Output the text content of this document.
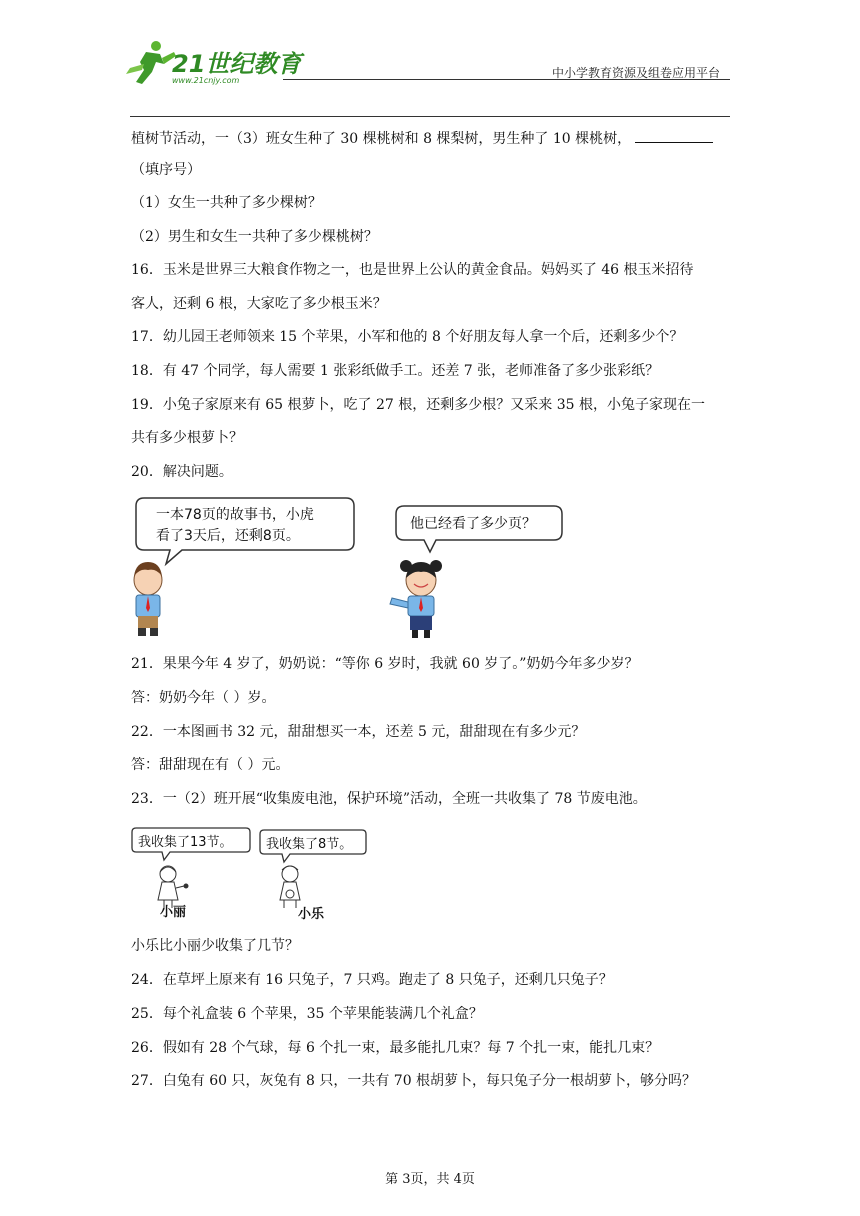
21世纪教育
www.21cnjy.com
中小学教育资源及组卷应用平台
植树节活动，一（3）班女生种了 30 棵桃树和 8 棵梨树，男生种了 10 棵桃树，
（填序号）
（1）女生一共种了多少棵树？
（2）男生和女生一共种了多少棵桃树？
16．玉米是世界三大粮食作物之一，也是世界上公认的黄金食品。妈妈买了 46 根玉米招待
客人，还剩 6 根，大家吃了多少根玉米？
17．幼儿园王老师领来 15 个苹果，小军和他的 8 个好朋友每人拿一个后，还剩多少个？
18．有 47 个同学，每人需要 1 张彩纸做手工。还差 7 张，老师准备了多少张彩纸？
19．小兔子家原来有 65 根萝卜，吃了 27 根，还剩多少根？又采来 35 根，小兔子家现在一
共有多少根萝卜？
20．解决问题。
一本78页的故事书，小虎
看了3天后，还剩8页。
他已经看了多少页？
21．果果今年 4 岁了，奶奶说：“等你 6 岁时，我就 60 岁了。”奶奶今年多少岁？
答：奶奶今年（ ）岁。
22．一本图画书 32 元，甜甜想买一本，还差 5 元，甜甜现在有多少元？
答：甜甜现在有（ ）元。
23．一（2）班开展“收集废电池，保护环境”活动，全班一共收集了 78 节废电池。
我收集了13节。	我收集了8节。
小丽	小乐
小乐比小丽少收集了几节？
24．在草坪上原来有 16 只兔子，7 只鸡。跑走了 8 只兔子，还剩几只兔子？
25．每个礼盒装 6 个苹果，35 个苹果能装满几个礼盒？
26．假如有 28 个气球，每 6 个扎一束，最多能扎几束？每 7 个扎一束，能扎几束？
27．白兔有 60 只，灰兔有 8 只，一共有 70 根胡萝卜，每只兔子分一根胡萝卜，够分吗？
第 3页，共 4页
